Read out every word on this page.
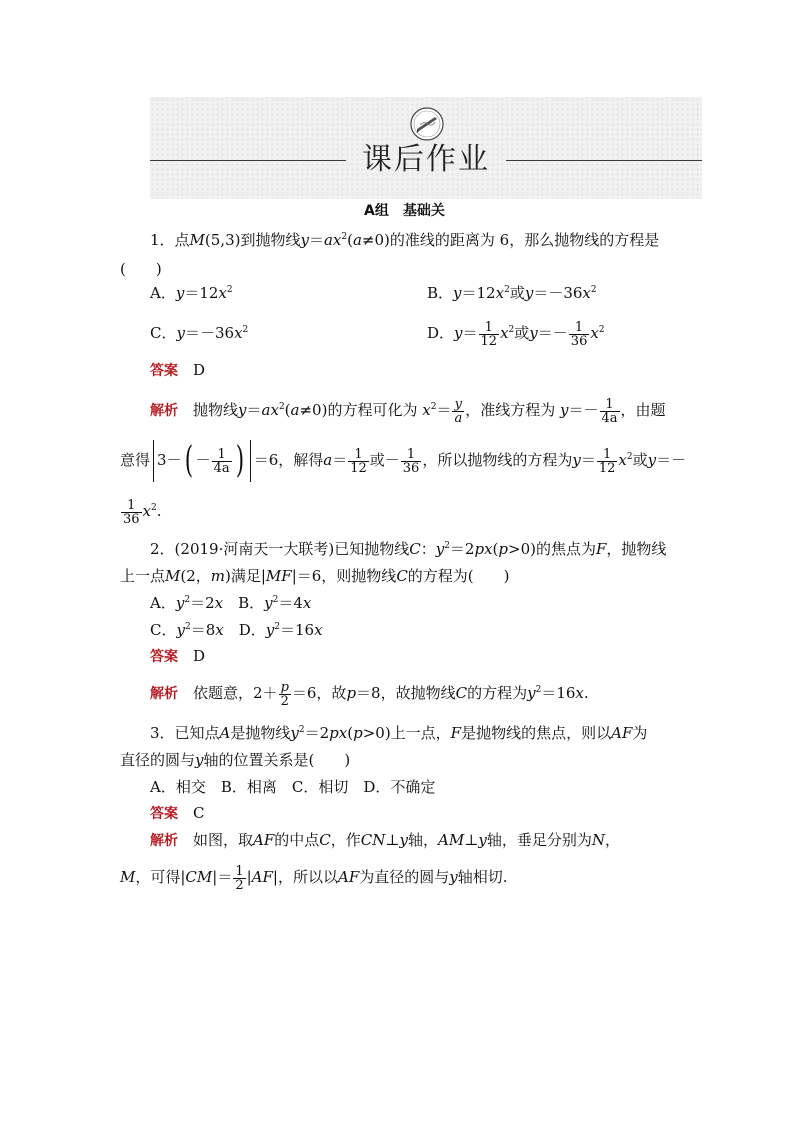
课后作业
A组　基础关
1．点M(5,3)到抛物线$y=ax^2(a\ne 0)$的准线的距离为 6，那么抛物线的方程是
(　　)
A．$y=12x^2$	B．$y=12x^2$或$y=-36x^2$
C．$y=-36x^2$	D．$y= \frac{1}{12} x^2$或$y=- \frac{1}{36} x^2$
答案　 D
解析　 抛物线$y=ax^2(a\ne 0)$的方程可化为 $x^2= \frac{y}{a}$ ，准线方程为 $y=- \frac{1}{4a}$ ，由题
意得 $3-( - \frac{1}{4a}$ ) ＝6，解得$a= \frac{1}{12}$ 或－ $\frac{1}{36}$ ，所以抛物线的方程为$y= \frac{1}{12} x^2$或y＝－
$\frac{1}{36} x^2$.
2．(2019·河南天一大联考)已知抛物线C：$y^2=2px(p>0)$的焦点为F，抛物线
上一点M(2，m)满足|MF|＝6，则抛物线C的方程为(　　)
A．$y^2=2x$　B．$y^2=4x$
C．$y^2=8x$　D．$y^2=16x$
答案　 D
解析　 依题意，$2+ \frac{p}{2} =6$，故p＝8，故抛物线C的方程为$y^2=16x$.
3．已知点A是抛物线$y^2=2px(p>0)$上一点，F是抛物线的焦点，则以AF为
直径的圆与y轴的位置关系是(　　)
A．相交　B．相离　C．相切　D．不确定
答案　 C
解析　 如图，取AF的中点C，作CN⊥y轴，AM⊥y轴，垂足分别为N，
M，可得$|CM|= \frac{1}{2} |AF|$，所以以AF为直径的圆与y轴相切.
